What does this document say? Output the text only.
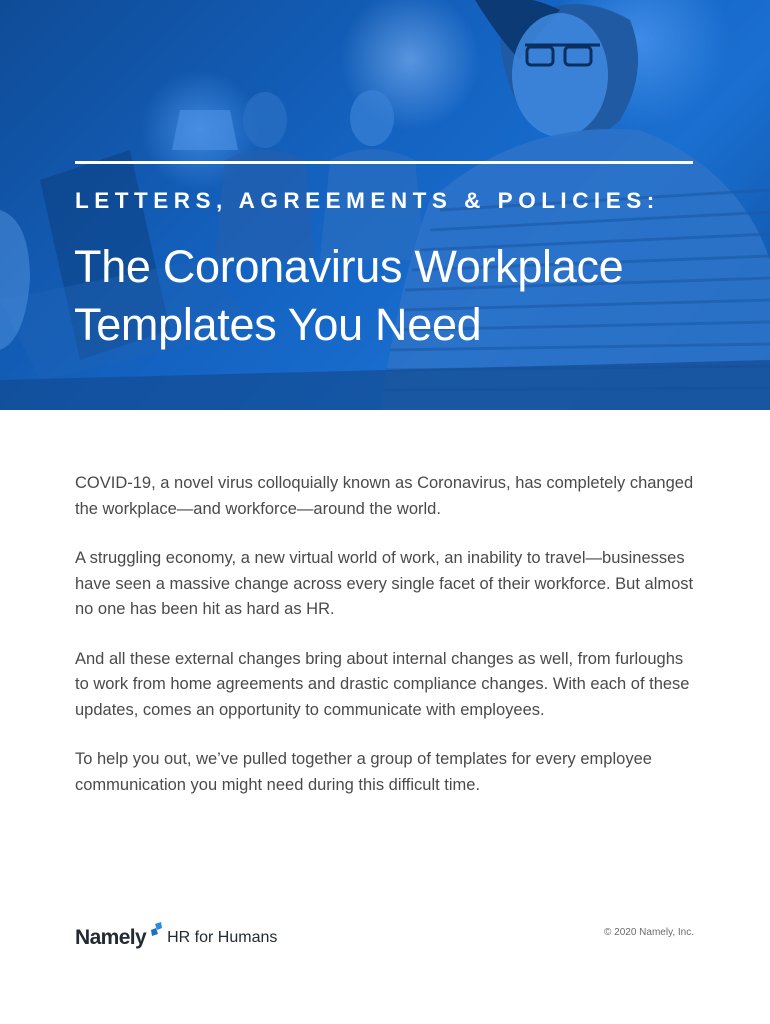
LETTERS, AGREEMENTS & POLICIES:
The Coronavirus Workplace
Templates You Need

COVID-19, a novel virus colloquially known as Coronavirus, has completely changed the workplace—and workforce—around the world.

A struggling economy, a new virtual world of work, an inability to travel—businesses have seen a massive change across every single facet of their workforce. But almost no one has been hit as hard as HR.

And all these external changes bring about internal changes as well, from furloughs to work from home agreements and drastic compliance changes. With each of these updates, comes an opportunity to communicate with employees.

To help you out, we’ve pulled together a group of templates for every employee communication you might need during this difficult time.

Namely HR for Humans	© 2020 Namely, Inc.
